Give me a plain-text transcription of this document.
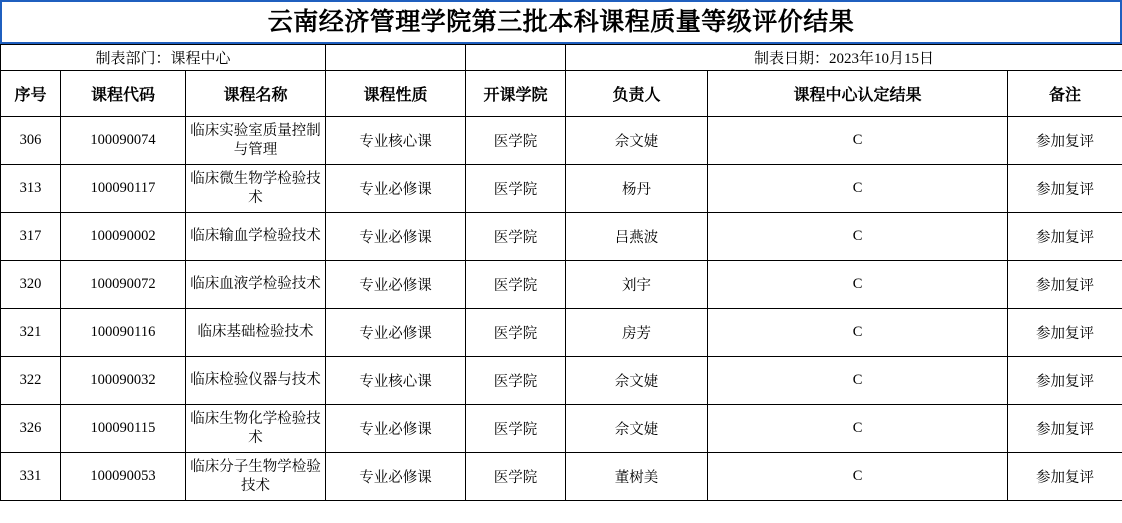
云南经济管理学院第三批本科课程质量等级评价结果
制表部门：课程中心					制表日期：2023年10月15日		
序号	课程代码	课程名称	课程性质	开课学院	负责人	课程中心认定结果	备注
306	100090074	临床实验室质量控制与管理	专业核心课	医学院	佘文婕	C	参加复评
313	100090117	临床微生物学检验技术	专业必修课	医学院	杨丹	C	参加复评
317	100090002	临床输血学检验技术	专业必修课	医学院	吕燕波	C	参加复评
320	100090072	临床血液学检验技术	专业必修课	医学院	刘宇	C	参加复评
321	100090116	临床基础检验技术	专业必修课	医学院	房芳	C	参加复评
322	100090032	临床检验仪器与技术	专业核心课	医学院	佘文婕	C	参加复评
326	100090115	临床生物化学检验技术	专业必修课	医学院	佘文婕	C	参加复评
331	100090053	临床分子生物学检验技术	专业必修课	医学院	董树美	C	参加复评
